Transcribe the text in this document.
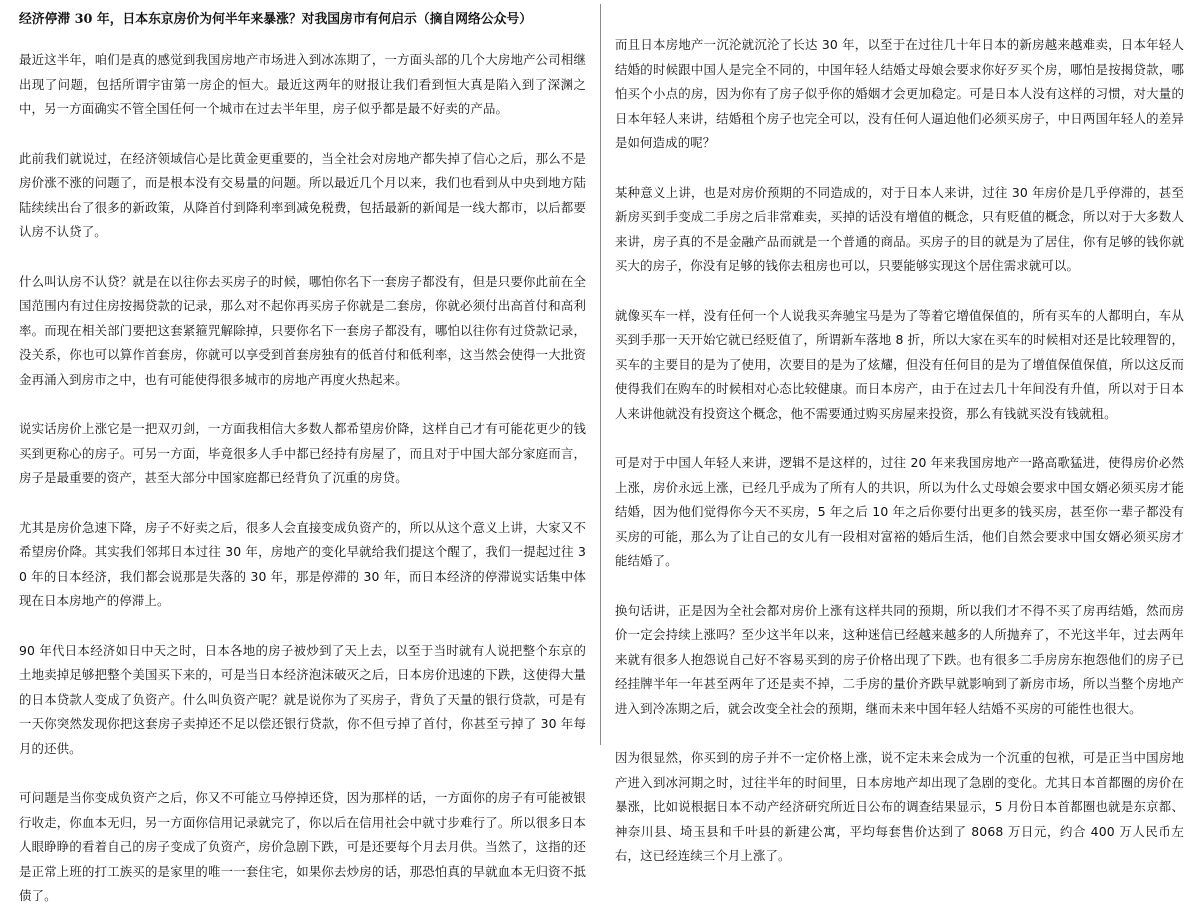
经济停滞 30 年，日本东京房价为何半年来暴涨？对我国房市有何启示（摘自网络公众号）

最近这半年，咱们是真的感觉到我国房地产市场进入到冰冻期了，一方面头部的几个大房地产公司相继出现了问题，包括所谓宇宙第一房企的恒大。最近这两年的财报让我们看到恒大真是陷入到了深渊之中，另一方面确实不管全国任何一个城市在过去半年里，房子似乎都是最不好卖的产品。

此前我们就说过，在经济领域信心是比黄金更重要的，当全社会对房地产都失掉了信心之后，那么不是房价涨不涨的问题了，而是根本没有交易量的问题。所以最近几个月以来，我们也看到从中央到地方陆陆续续出台了很多的新政策，从降首付到降利率到减免税费，包括最新的新闻是一线大都市，以后都要认房不认贷了。

什么叫认房不认贷？就是在以往你去买房子的时候，哪怕你名下一套房子都没有，但是只要你此前在全国范围内有过住房按揭贷款的记录，那么对不起你再买房子你就是二套房，你就必须付出高首付和高利率。而现在相关部门要把这套紧箍咒解除掉，只要你名下一套房子都没有，哪怕以往你有过贷款记录，没关系，你也可以算作首套房，你就可以享受到首套房独有的低首付和低利率，这当然会使得一大批资金再涌入到房市之中，也有可能使得很多城市的房地产再度火热起来。

说实话房价上涨它是一把双刃剑，一方面我相信大多数人都希望房价降，这样自己才有可能花更少的钱买到更称心的房子。可另一方面，毕竟很多人手中都已经持有房屋了，而且对于中国大部分家庭而言，房子是最重要的资产，甚至大部分中国家庭都已经背负了沉重的房贷。

尤其是房价急速下降，房子不好卖之后，很多人会直接变成负资产的，所以从这个意义上讲，大家又不希望房价降。其实我们邻邦日本过往 30 年，房地产的变化早就给我们提这个醒了，我们一提起过往 30 年的日本经济，我们都会说那是失落的 30 年，那是停滞的 30 年，而日本经济的停滞说实话集中体现在日本房地产的停滞上。

90 年代日本经济如日中天之时，日本各地的房子被炒到了天上去，以至于当时就有人说把整个东京的土地卖掉足够把整个美国买下来的，可是当日本经济泡沫破灭之后，日本房价迅速的下跌，这使得大量的日本贷款人变成了负资产。什么叫负资产呢？就是说你为了买房子，背负了天量的银行贷款，可是有一天你突然发现你把这套房子卖掉还不足以偿还银行贷款，你不但亏掉了首付，你甚至亏掉了 30 年每月的还供。

可问题是当你变成负资产之后，你又不可能立马停掉还贷，因为那样的话，一方面你的房子有可能被银行收走，你血本无归，另一方面你信用记录就完了，你以后在信用社会中就寸步难行了。所以很多日本人眼睁睁的看着自己的房子变成了负资产，房价急剧下跌，可是还要每个月去月供。当然了，这指的还是正常上班的打工族买的是家里的唯一一套住宅，如果你去炒房的话，那恐怕真的早就血本无归资不抵债了。

而且日本房地产一沉沦就沉沦了长达 30 年，以至于在过往几十年日本的新房越来越难卖，日本年轻人结婚的时候跟中国人是完全不同的，中国年轻人结婚丈母娘会要求你好歹买个房，哪怕是按揭贷款，哪怕买个小点的房，因为你有了房子似乎你的婚姻才会更加稳定。可是日本人没有这样的习惯，对大量的日本年轻人来讲，结婚租个房子也完全可以，没有任何人逼迫他们必须买房子，中日两国年轻人的差异是如何造成的呢？

某种意义上讲，也是对房价预期的不同造成的，对于日本人来讲，过往 30 年房价是几乎停滞的，甚至新房买到手变成二手房之后非常难卖，买掉的话没有增值的概念，只有贬值的概念，所以对于大多数人来讲，房子真的不是金融产品而就是一个普通的商品。买房子的目的就是为了居住，你有足够的钱你就买大的房子，你没有足够的钱你去租房也可以，只要能够实现这个居住需求就可以。

就像买车一样，没有任何一个人说我买奔驰宝马是为了等着它增值保值的，所有买车的人都明白，车从买到手那一天开始它就已经贬值了，所谓新车落地 8 折，所以大家在买车的时候相对还是比较理智的，买车的主要目的是为了使用，次要目的是为了炫耀，但没有任何目的是为了增值保值保值，所以这反而使得我们在购车的时候相对心态比较健康。而日本房产，由于在过去几十年间没有升值，所以对于日本人来讲他就没有投资这个概念，他不需要通过购买房屋来投资，那么有钱就买没有钱就租。

可是对于中国人年轻人来讲，逻辑不是这样的，过往 20 年来我国房地产一路高歌猛进，使得房价必然上涨，房价永远上涨，已经几乎成为了所有人的共识，所以为什么丈母娘会要求中国女婿必须买房才能结婚，因为他们觉得你今天不买房，5 年之后 10 年之后你要付出更多的钱买房，甚至你一辈子都没有买房的可能，那么为了让自己的女儿有一段相对富裕的婚后生活，他们自然会要求中国女婿必须买房才能结婚了。

换句话讲，正是因为全社会都对房价上涨有这样共同的预期，所以我们才不得不买了房再结婚，然而房价一定会持续上涨吗？至少这半年以来，这种迷信已经越来越多的人所抛弃了，不光这半年，过去两年来就有很多人抱怨说自己好不容易买到的房子价格出现了下跌。也有很多二手房房东抱怨他们的房子已经挂牌半年一年甚至两年了还是卖不掉，二手房的量价齐跌早就影响到了新房市场，所以当整个房地产进入到冷冻期之后，就会改变全社会的预期，继而未来中国年轻人结婚不买房的可能性也很大。

因为很显然，你买到的房子并不一定价格上涨，说不定未来会成为一个沉重的包袱，可是正当中国房地产进入到冰河期之时，过往半年的时间里，日本房地产却出现了急剧的变化。尤其日本首都圈的房价在暴涨，比如说根据日本不动产经济研究所近日公布的调查结果显示，5 月份日本首都圈也就是东京都、神奈川县、埼玉县和千叶县的新建公寓，平均每套售价达到了 8068 万日元，约合 400 万人民币左右，这已经连续三个月上涨了。
